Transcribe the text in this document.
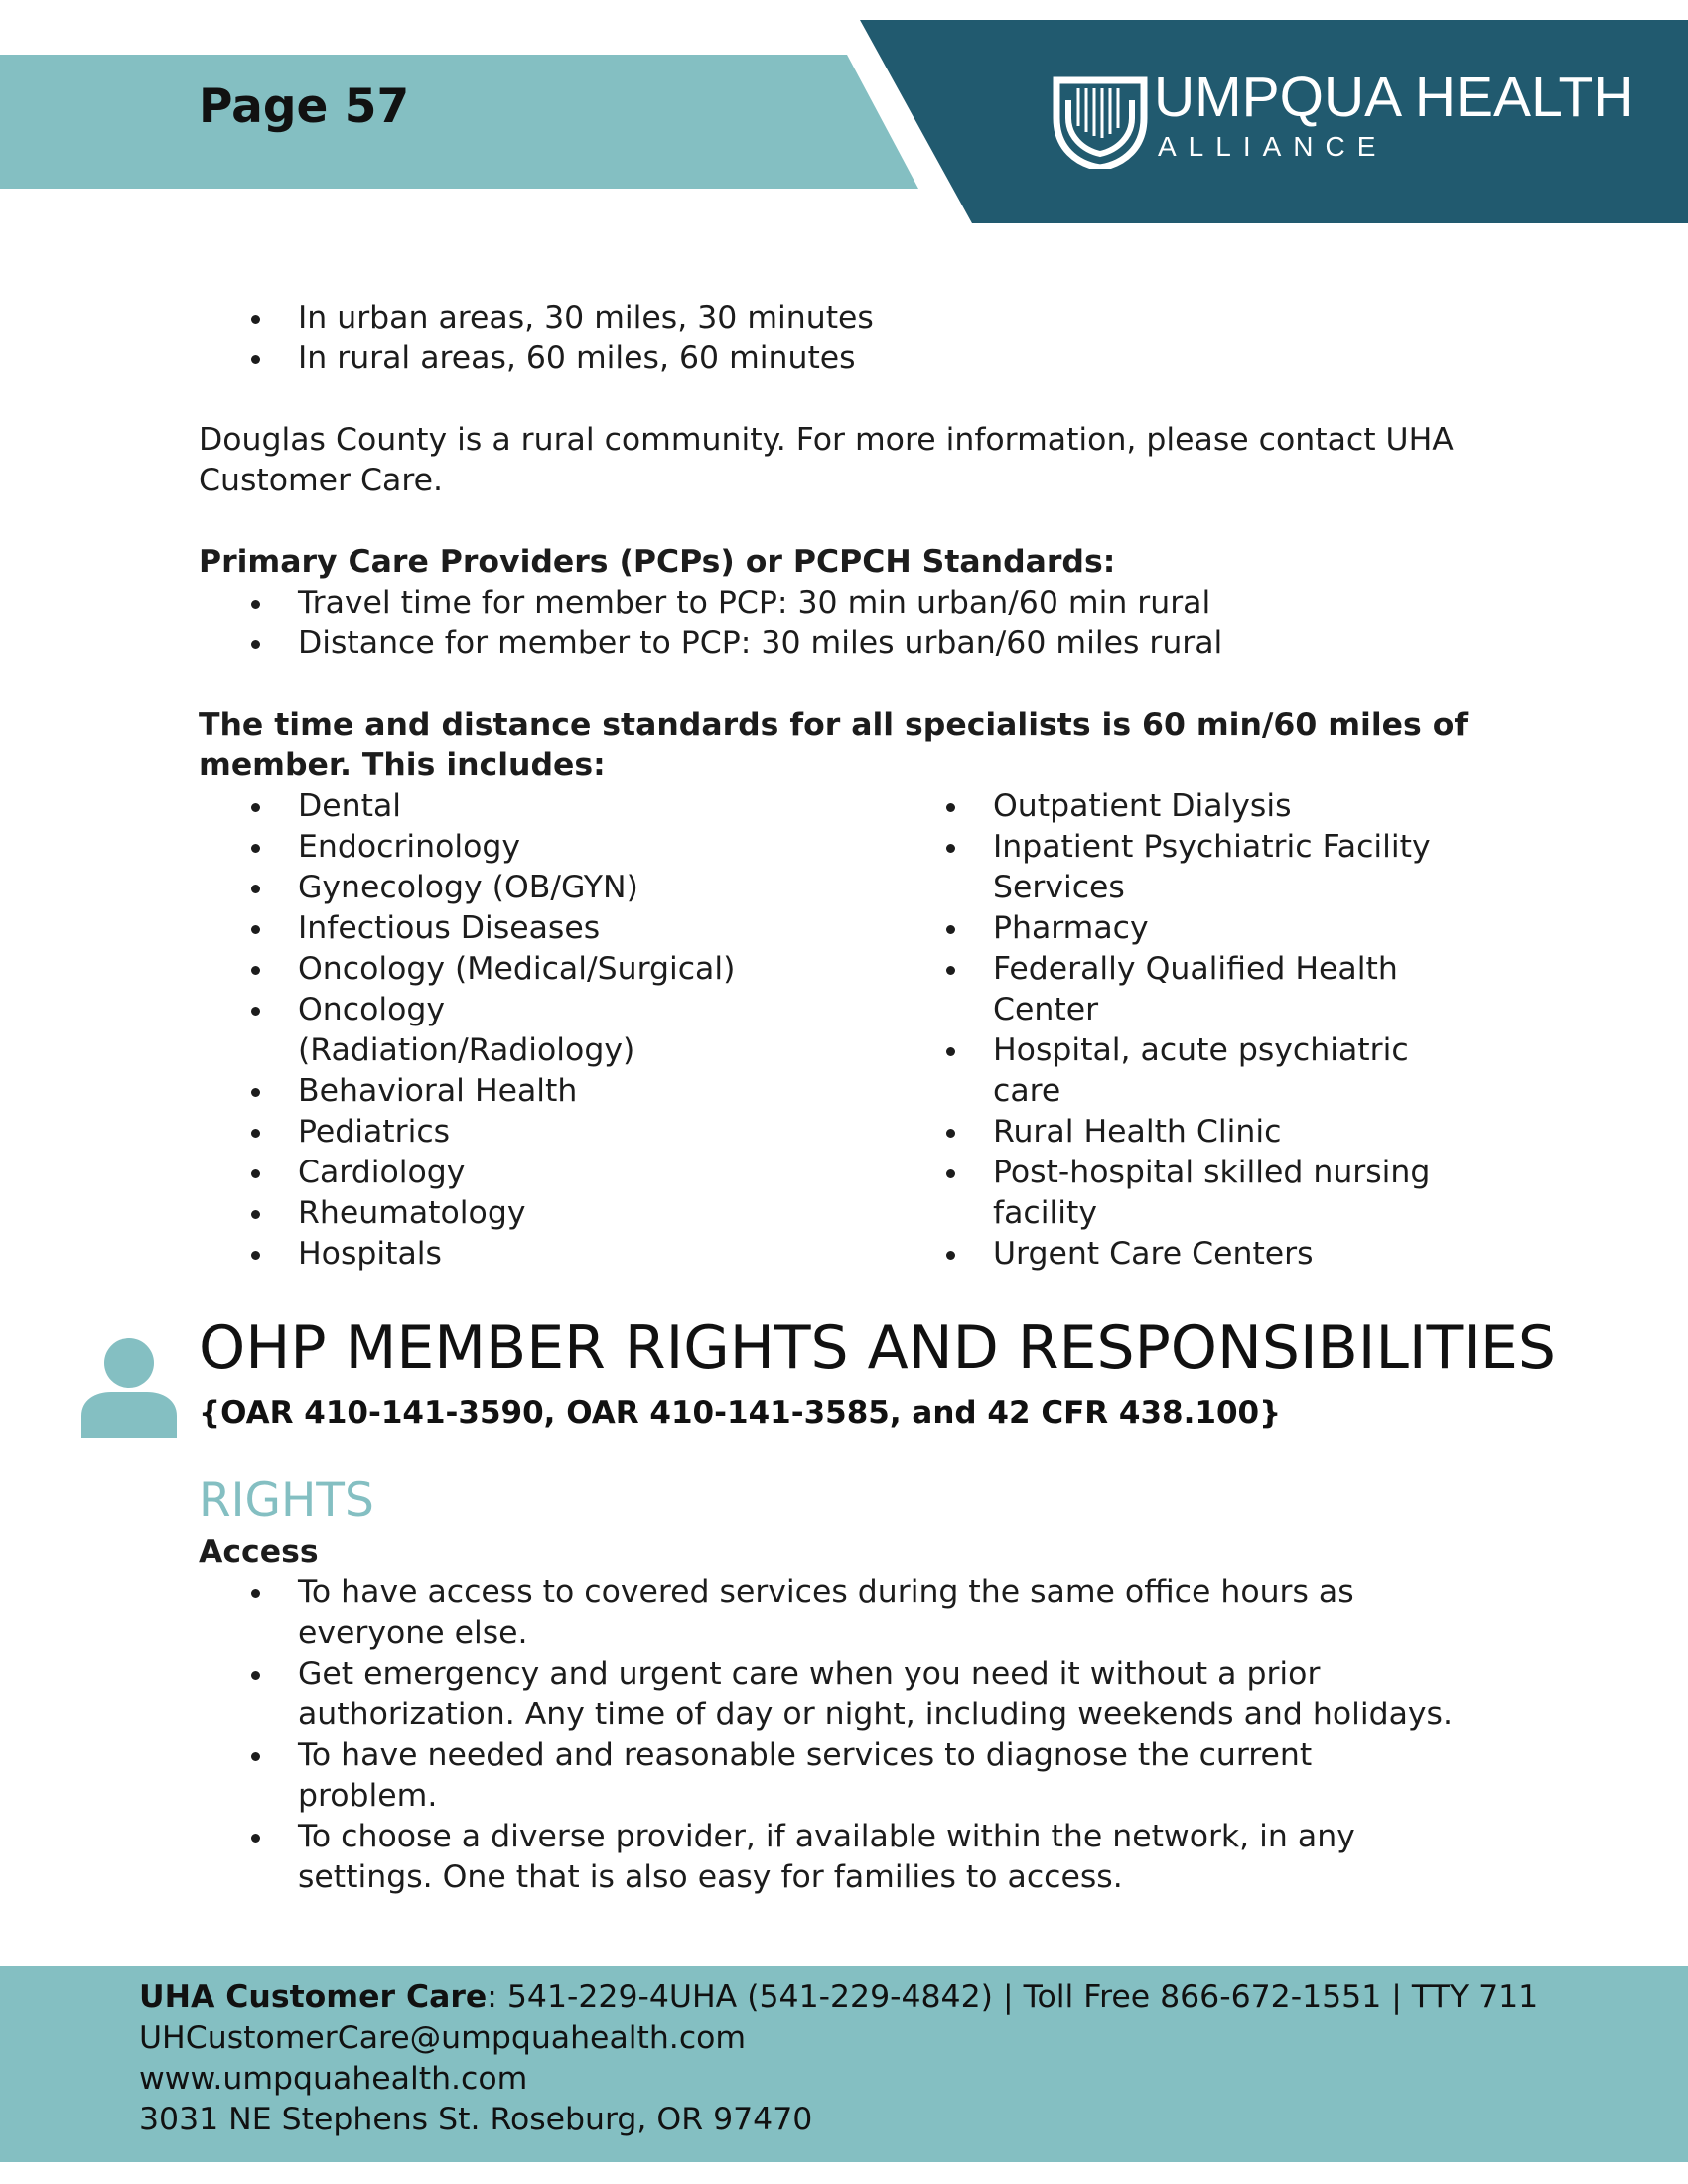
Page 57	UMPQUA HEALTH
ALLIANCE
In urban areas, 30 miles, 30 minutes
In rural areas, 60 miles, 60 minutes

Douglas County is a rural community. For more information, please contact UHA Customer Care.

Primary Care Providers (PCPs) or PCPCH Standards:

Travel time for member to PCP: 30 min urban/60 min rural
Distance for member to PCP: 30 miles urban/60 miles rural

The time and distance standards for all specialists is 60 min/60 miles of member. This includes:

Dental
Endocrinology
Gynecology (OB/GYN)
Infectious Diseases
Oncology (Medical/Surgical)
Oncology (Radiation/Radiology)
Behavioral Health
Pediatrics
Cardiology
Rheumatology
Hospitals
Outpatient Dialysis
Inpatient Psychiatric Facility Services
Pharmacy
Federally Qualified Health Center
Hospital, acute psychiatric care
Rural Health Clinic
Post-hospital skilled nursing facility
Urgent Care Centers
OHP MEMBER RIGHTS AND RESPONSIBILITIES

{OAR 410-141-3590, OAR 410-141-3585, and 42 CFR 438.100}

RIGHTS

Access

To have access to covered services during the same office hours as everyone else.
Get emergency and urgent care when you need it without a prior authorization. Any time of day or night, including weekends and holidays.
To have needed and reasonable services to diagnose the current problem.
To choose a diverse provider, if available within the network, in any settings. One that is also easy for families to access.
UHA Customer Care: 541-229-4UHA (541-229-4842) | Toll Free 866-672-1551 | TTY 711
UHCustomerCare@umpquahealth.com
www.umpquahealth.com
3031 NE Stephens St. Roseburg, OR 97470
